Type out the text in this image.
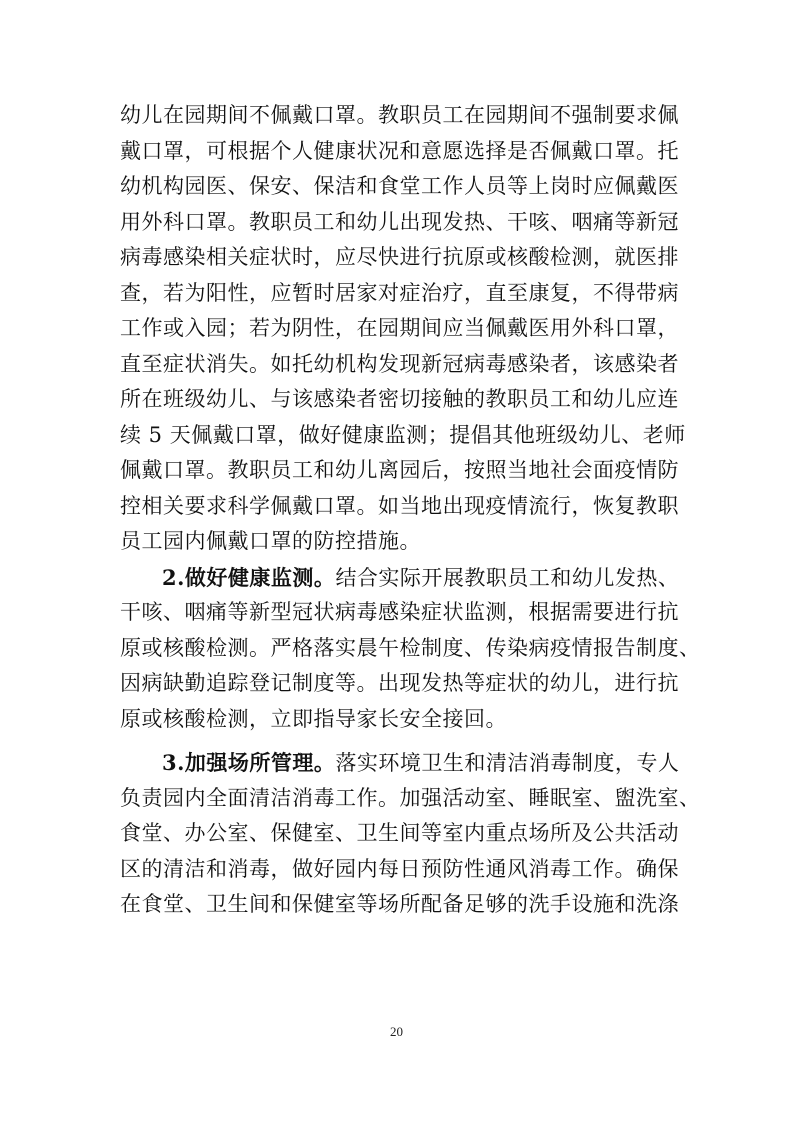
幼儿在园期间不佩戴口罩。教职员工在园期间不强制要求佩
戴口罩，可根据个人健康状况和意愿选择是否佩戴口罩。托
幼机构园医、保安、保洁和食堂工作人员等上岗时应佩戴医
用外科口罩。教职员工和幼儿出现发热、干咳、咽痛等新冠
病毒感染相关症状时，应尽快进行抗原或核酸检测，就医排
查，若为阳性，应暂时居家对症治疗，直至康复，不得带病
工作或入园；若为阴性，在园期间应当佩戴医用外科口罩，
直至症状消失。如托幼机构发现新冠病毒感染者，该感染者
所在班级幼儿、与该感染者密切接触的教职员工和幼儿应连
续 5 天佩戴口罩，做好健康监测；提倡其他班级幼儿、老师
佩戴口罩。教职员工和幼儿离园后，按照当地社会面疫情防
控相关要求科学佩戴口罩。如当地出现疫情流行，恢复教职
员工园内佩戴口罩的防控措施。
2.做好健康监测。结合实际开展教职员工和幼儿发热、
干咳、咽痛等新型冠状病毒感染症状监测，根据需要进行抗
原或核酸检测。严格落实晨午检制度、传染病疫情报告制度、
因病缺勤追踪登记制度等。出现发热等症状的幼儿，进行抗
原或核酸检测，立即指导家长安全接回。
3.加强场所管理。落实环境卫生和清洁消毒制度，专人
负责园内全面清洁消毒工作。加强活动室、睡眠室、盥洗室、
食堂、办公室、保健室、卫生间等室内重点场所及公共活动
区的清洁和消毒，做好园内每日预防性通风消毒工作。确保
在食堂、卫生间和保健室等场所配备足够的洗手设施和洗涤
20
